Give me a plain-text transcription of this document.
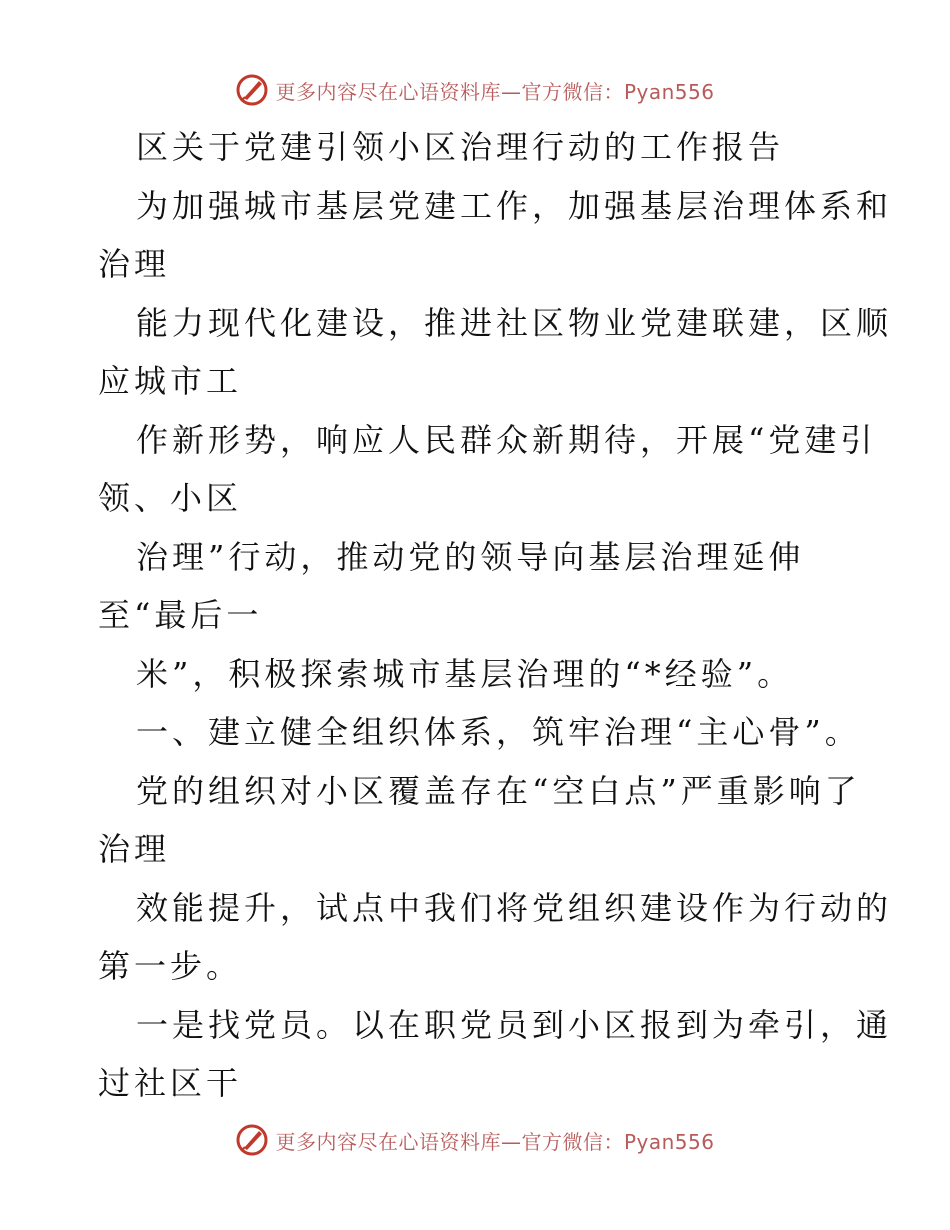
更多内容尽在心语资料库—官方微信：Pyan556
区关于党建引领小区治理行动的工作报告
为加强城市基层党建工作，加强基层治理体系和
治理
能力现代化建设，推进社区物业党建联建，区顺
应城市工
作新形势，响应人民群众新期待，开展“党建引
领、小区
治理”行动，推动党的领导向基层治理延伸
至“最后一
米”，积极探索城市基层治理的“*经验”。
一、建立健全组织体系，筑牢治理“主心骨”。
党的组织对小区覆盖存在“空白点”严重影响了
治理
效能提升，试点中我们将党组织建设作为行动的
第一步。
一是找党员。以在职党员到小区报到为牵引，通
过社区干
更多内容尽在心语资料库—官方微信：Pyan556
